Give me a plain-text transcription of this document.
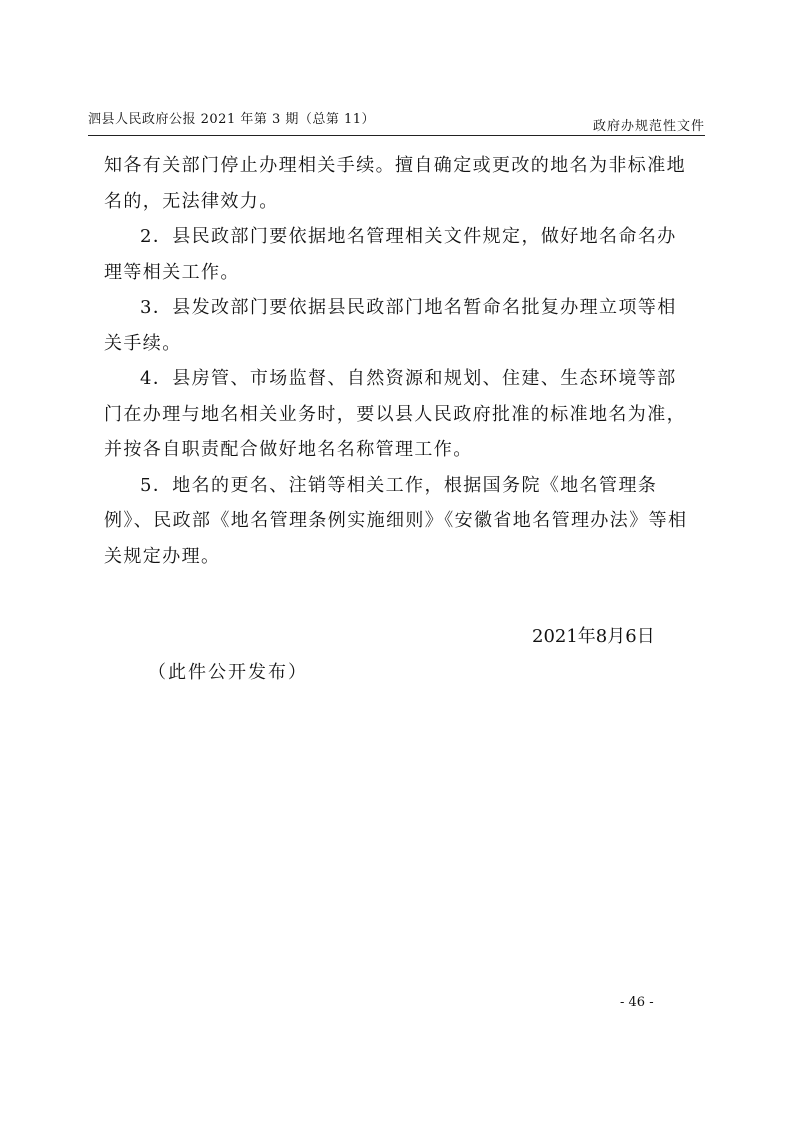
泗县人民政府公报 2021 年第 3 期（总第 11）	政府办规范性文件

知各有关部门停止办理相关手续。擅自确定或更改的地名为非标准地名的，无法律效力。

2．县民政部门要依据地名管理相关文件规定，做好地名命名办理等相关工作。

3．县发改部门要依据县民政部门地名暂命名批复办理立项等相关手续。

4．县房管、市场监督、自然资源和规划、住建、生态环境等部门在办理与地名相关业务时，要以县人民政府批准的标准地名为准，并按各自职责配合做好地名名称管理工作。

5．地名的更名、注销等相关工作，根据国务院《地名管理条例》、民政部《地名管理条例实施细则》《安徽省地名管理办法》等相关规定办理。

2021年8月6日
（此件公开发布）
- 46 -
